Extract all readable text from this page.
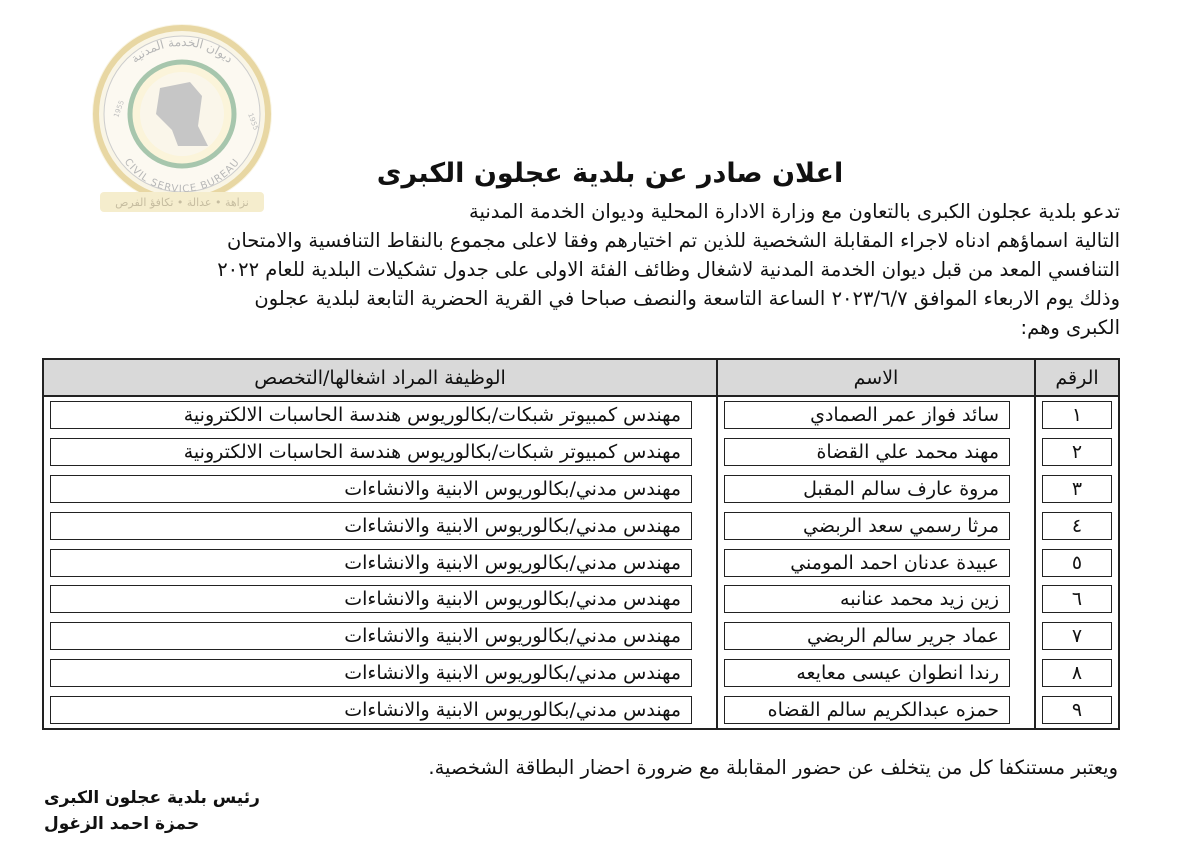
ديوان الخدمة المدنية
CIVIL SERVICE BUREAU
1955
1955
نزاهة • عدالة • تكافؤ الفرص
اعلان صادر عن بلدية عجلون الكبرى
تدعو بلدية عجلون الكبرى بالتعاون مع وزارة الادارة المحلية وديوان الخدمة المدنية
التالية اسماؤهم ادناه لاجراء المقابلة الشخصية للذين تم اختيارهم وفقا لاعلى مجموع بالنقاط التنافسية والامتحان
التنافسي المعد من قبل ديوان الخدمة المدنية لاشغال وظائف الفئة الاولى على جدول تشكيلات البلدية للعام ٢٠٢٢
وذلك يوم الاربعاء الموافق ٢٠٢٣/٦/٧ الساعة التاسعة والنصف صباحا في القرية الحضرية التابعة لبلدية عجلون
الكبرى وهم:
الرقم	الاسم	الوظيفة المراد اشغالها/التخصص

١	سائد فواز عمر الصمادي	مهندس كمبيوتر شبكات/بكالوريوس هندسة الحاسبات الالكترونية

٢	مهند محمد علي القضاة	مهندس كمبيوتر شبكات/بكالوريوس هندسة الحاسبات الالكترونية

٣	مروة عارف سالم المقبل	مهندس مدني/بكالوريوس الابنية والانشاءات

٤	مرثا رسمي سعد الربضي	مهندس مدني/بكالوريوس الابنية والانشاءات

٥	عبيدة عدنان احمد المومني	مهندس مدني/بكالوريوس الابنية والانشاءات

٦	زين زيد محمد عنانبه	مهندس مدني/بكالوريوس الابنية والانشاءات

٧	عماد جرير سالم الربضي	مهندس مدني/بكالوريوس الابنية والانشاءات

٨	رندا انطوان عيسى معايعه	مهندس مدني/بكالوريوس الابنية والانشاءات

٩	حمزه عبدالكريم سالم القضاه	مهندس مدني/بكالوريوس الابنية والانشاءات
ويعتبر مستنكفا كل من يتخلف عن حضور المقابلة مع ضرورة احضار البطاقة الشخصية.
رئيس بلدية عجلون الكبرى
حمزة احمد الزغول
